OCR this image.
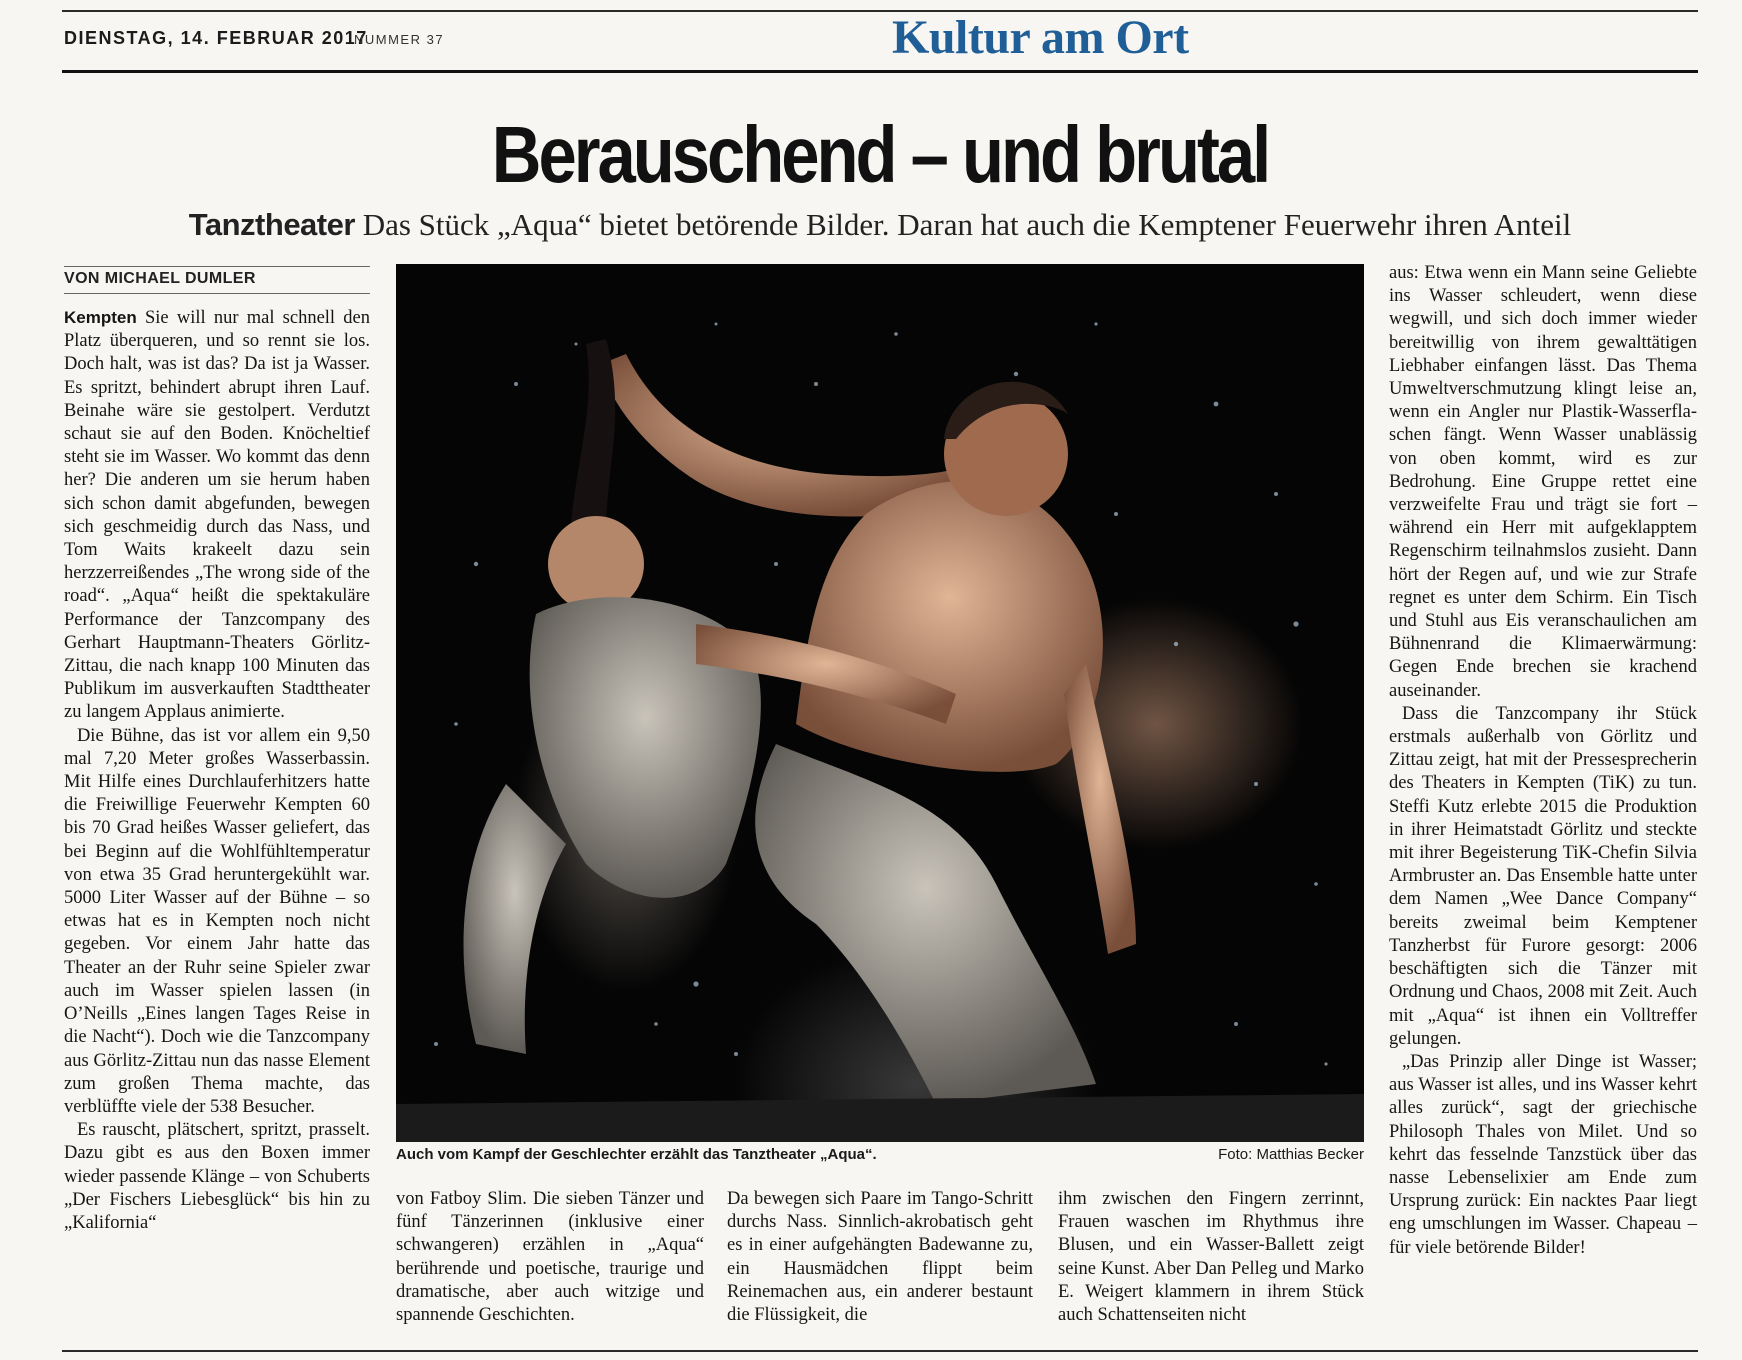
DIENSTAG, 14. FEBRUAR 2017
NUMMER 37	Kultur am Ort
Berauschend – und brutal
Tanztheater Das Stück „Aqua“ bietet betörende Bilder. Daran hat auch die Kemptener Feuerwehr ihren Anteil
VON MICHAEL DUMLER

Kempten Sie will nur mal schnell den Platz überqueren, und so rennt sie los. Doch halt, was ist das? Da ist ja Wasser. Es spritzt, behindert abrupt ihren Lauf. Beinahe wäre sie gestolpert. Verdutzt schaut sie auf den Boden. Knöcheltief steht sie im Wasser. Wo kommt das denn her? Die anderen um sie herum haben sich schon damit abgefunden, bewegen sich geschmeidig durch das Nass, und Tom Waits krakeelt dazu sein herzzerreißendes „The wrong side of the road“. „Aqua“ heißt die spektakuläre Performance der Tanzcompany des Gerhart Hauptmann-Theaters Görlitz-Zittau, die nach knapp 100 Minuten das Publikum im ausverkauften Stadttheater zu langem Applaus animierte.

Die Bühne, das ist vor allem ein 9,50 mal 7,20 Meter großes Wasserbassin. Mit Hilfe eines Durchlauferhitzers hatte die Freiwillige Feuerwehr Kempten 60 bis 70 Grad heißes Wasser geliefert, das bei Beginn auf die Wohlfühltemperatur von etwa 35 Grad heruntergekühlt war. 5000 Liter Wasser auf der Bühne – so etwas hat es in Kempten noch nicht gegeben. Vor einem Jahr hatte das Theater an der Ruhr seine Spieler zwar auch im Wasser spielen lassen (in O’Neills „Eines langen Tages Reise in die Nacht“). Doch wie die Tanzcompany aus Görlitz-Zittau nun das nasse Element zum großen Thema machte, das verblüffte viele der 538 Besucher.

Es rauscht, plätschert, spritzt, prasselt. Dazu gibt es aus den Boxen immer wieder passende Klänge – von Schuberts „Der Fischers Liebesglück“ bis hin zu „Kalifornia“

Auch vom Kampf der Geschlechter erzählt das Tanztheater „Aqua“.	Foto: Matthias Becker

von Fatboy Slim. Die sieben Tänzer und fünf Tänzerinnen (inklusive einer schwangeren) erzählen in „Aqua“ berührende und poetische, traurige und dramatische, aber auch witzige und spannende Geschichten.

Da bewegen sich Paare im Tango-Schritt durchs Nass. Sinnlich-akrobatisch geht es in einer aufgehängten Badewanne zu, ein Hausmädchen flippt beim Reinemachen aus, ein anderer bestaunt die Flüssigkeit, die

ihm zwischen den Fingern zerrinnt, Frauen waschen im Rhythmus ihre Blusen, und ein Wasser-Ballett zeigt seine Kunst. Aber Dan Pelleg und Marko E. Weigert klammern in ihrem Stück auch Schattenseiten nicht

aus: Etwa wenn ein Mann seine Geliebte ins Wasser schleudert, wenn diese wegwill, und sich doch immer wieder bereitwillig von ihrem gewalttätigen Liebhaber einfangen lässt. Das Thema Umweltverschmutzung klingt leise an, wenn ein Angler nur Plastik-Wasserflaschen fängt. Wenn Wasser unablässig von oben kommt, wird es zur Bedrohung. Eine Gruppe rettet eine verzweifelte Frau und trägt sie fort – während ein Herr mit aufgeklapptem Regenschirm teilnahmslos zusieht. Dann hört der Regen auf, und wie zur Strafe regnet es unter dem Schirm. Ein Tisch und Stuhl aus Eis veranschaulichen am Bühnenrand die Klimaerwärmung: Gegen Ende brechen sie krachend auseinander.

Dass die Tanzcompany ihr Stück erstmals außerhalb von Görlitz und Zittau zeigt, hat mit der Pressesprecherin des Theaters in Kempten (TiK) zu tun. Steffi Kutz erlebte 2015 die Produktion in ihrer Heimatstadt Görlitz und steckte mit ihrer Begeisterung TiK-Chefin Silvia Armbruster an. Das Ensemble hatte unter dem Namen „Wee Dance Company“ bereits zweimal beim Kemptener Tanzherbst für Furore gesorgt: 2006 beschäftigten sich die Tänzer mit Ordnung und Chaos, 2008 mit Zeit. Auch mit „Aqua“ ist ihnen ein Volltreffer gelungen.

„Das Prinzip aller Dinge ist Wasser; aus Wasser ist alles, und ins Wasser kehrt alles zurück“, sagt der griechische Philosoph Thales von Milet. Und so kehrt das fesselnde Tanzstück über das nasse Lebenselixier am Ende zum Ursprung zurück: Ein nacktes Paar liegt eng umschlungen im Wasser. Chapeau – für viele betörende Bilder!
